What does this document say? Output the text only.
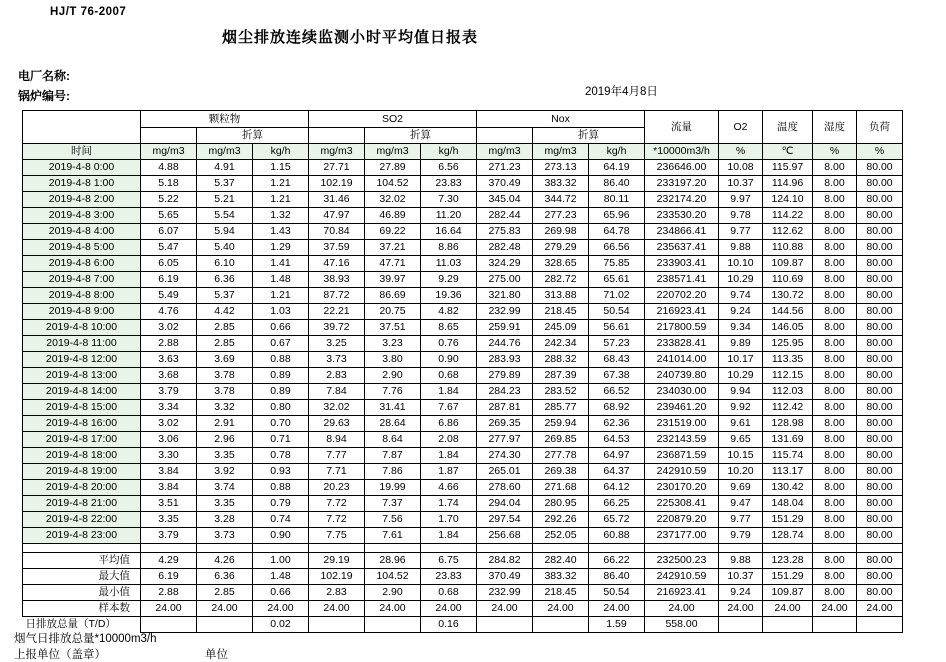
HJ/T 76-2007
烟尘排放连续监测小时平均值日报表
电厂名称:
锅炉编号:	2019年4月8日
	颗粒物			SO2			Nox			流量	O2	温度	湿度	负荷
		折算			折算			折算						
时间	mg/m3	mg/m3	kg/h	mg/m3	mg/m3	kg/h	mg/m3	mg/m3	kg/h	*10000m3/h	%	℃	%	%
2019-4-8 0:00	4.88	4.91	1.15	27.71	27.89	6.56	271.23	273.13	64.19	236646.00	10.08	115.97	8.00	80.00
2019-4-8 1:00	5.18	5.37	1.21	102.19	104.52	23.83	370.49	383.32	86.40	233197.20	10.37	114.96	8.00	80.00
2019-4-8 2:00	5.22	5.21	1.21	31.46	32.02	7.30	345.04	344.72	80.11	232174.20	9.97	124.10	8.00	80.00
2019-4-8 3:00	5.65	5.54	1.32	47.97	46.89	11.20	282.44	277.23	65.96	233530.20	9.78	114.22	8.00	80.00
2019-4-8 4:00	6.07	5.94	1.43	70.84	69.22	16.64	275.83	269.98	64.78	234866.41	9.77	112.62	8.00	80.00
2019-4-8 5:00	5.47	5.40	1.29	37.59	37.21	8.86	282.48	279.29	66.56	235637.41	9.88	110.88	8.00	80.00
2019-4-8 6:00	6.05	6.10	1.41	47.16	47.71	11.03	324.29	328.65	75.85	233903.41	10.10	109.87	8.00	80.00
2019-4-8 7:00	6.19	6.36	1.48	38.93	39.97	9.29	275.00	282.72	65.61	238571.41	10.29	110.69	8.00	80.00
2019-4-8 8:00	5.49	5.37	1.21	87.72	86.69	19.36	321.80	313.88	71.02	220702.20	9.74	130.72	8.00	80.00
2019-4-8 9:00	4.76	4.42	1.03	22.21	20.75	4.82	232.99	218.45	50.54	216923.41	9.24	144.56	8.00	80.00
2019-4-8 10:00	3.02	2.85	0.66	39.72	37.51	8.65	259.91	245.09	56.61	217800.59	9.34	146.05	8.00	80.00
2019-4-8 11:00	2.88	2.85	0.67	3.25	3.23	0.76	244.76	242.34	57.23	233828.41	9.89	125.95	8.00	80.00
2019-4-8 12:00	3.63	3.69	0.88	3.73	3.80	0.90	283.93	288.32	68.43	241014.00	10.17	113.35	8.00	80.00
2019-4-8 13:00	3.68	3.78	0.89	2.83	2.90	0.68	279.89	287.39	67.38	240739.80	10.29	112.15	8.00	80.00
2019-4-8 14:00	3.79	3.78	0.89	7.84	7.76	1.84	284.23	283.52	66.52	234030.00	9.94	112.03	8.00	80.00
2019-4-8 15:00	3.34	3.32	0.80	32.02	31.41	7.67	287.81	285.77	68.92	239461.20	9.92	112.42	8.00	80.00
2019-4-8 16:00	3.02	2.91	0.70	29.63	28.64	6.86	269.35	259.94	62.36	231519.00	9.61	128.98	8.00	80.00
2019-4-8 17:00	3.06	2.96	0.71	8.94	8.64	2.08	277.97	269.85	64.53	232143.59	9.65	131.69	8.00	80.00
2019-4-8 18:00	3.30	3.35	0.78	7.77	7.87	1.84	274.30	277.78	64.97	236871.59	10.15	115.74	8.00	80.00
2019-4-8 19:00	3.84	3.92	0.93	7.71	7.86	1.87	265.01	269.38	64.37	242910.59	10.20	113.17	8.00	80.00
2019-4-8 20:00	3.84	3.74	0.88	20.23	19.99	4.66	278.60	271.68	64.12	230170.20	9.69	130.42	8.00	80.00
2019-4-8 21:00	3.51	3.35	0.79	7.72	7.37	1.74	294.04	280.95	66.25	225308.41	9.47	148.04	8.00	80.00
2019-4-8 22:00	3.35	3.28	0.74	7.72	7.56	1.70	297.54	292.26	65.72	220879.20	9.77	151.29	8.00	80.00
2019-4-8 23:00	3.79	3.73	0.90	7.75	7.61	1.84	256.68	252.05	60.88	237177.00	9.79	128.74	8.00	80.00

平均值	4.29	4.26	1.00	29.19	28.96	6.75	284.82	282.40	66.22	232500.23	9.88	123.28	8.00	80.00
最大值	6.19	6.36	1.48	102.19	104.52	23.83	370.49	383.32	86.40	242910.59	10.37	151.29	8.00	80.00
最小值	2.88	2.85	0.66	2.83	2.90	0.68	232.99	218.45	50.54	216923.41	9.24	109.87	8.00	80.00
样本数	24.00	24.00	24.00	24.00	24.00	24.00	24.00	24.00	24.00	24.00	24.00	24.00	24.00	24.00
日排放总量（T/D）			0.02			0.16			1.59	558.00				
烟气日排放总量*10000m3/h
上报单位（盖章）	单位
